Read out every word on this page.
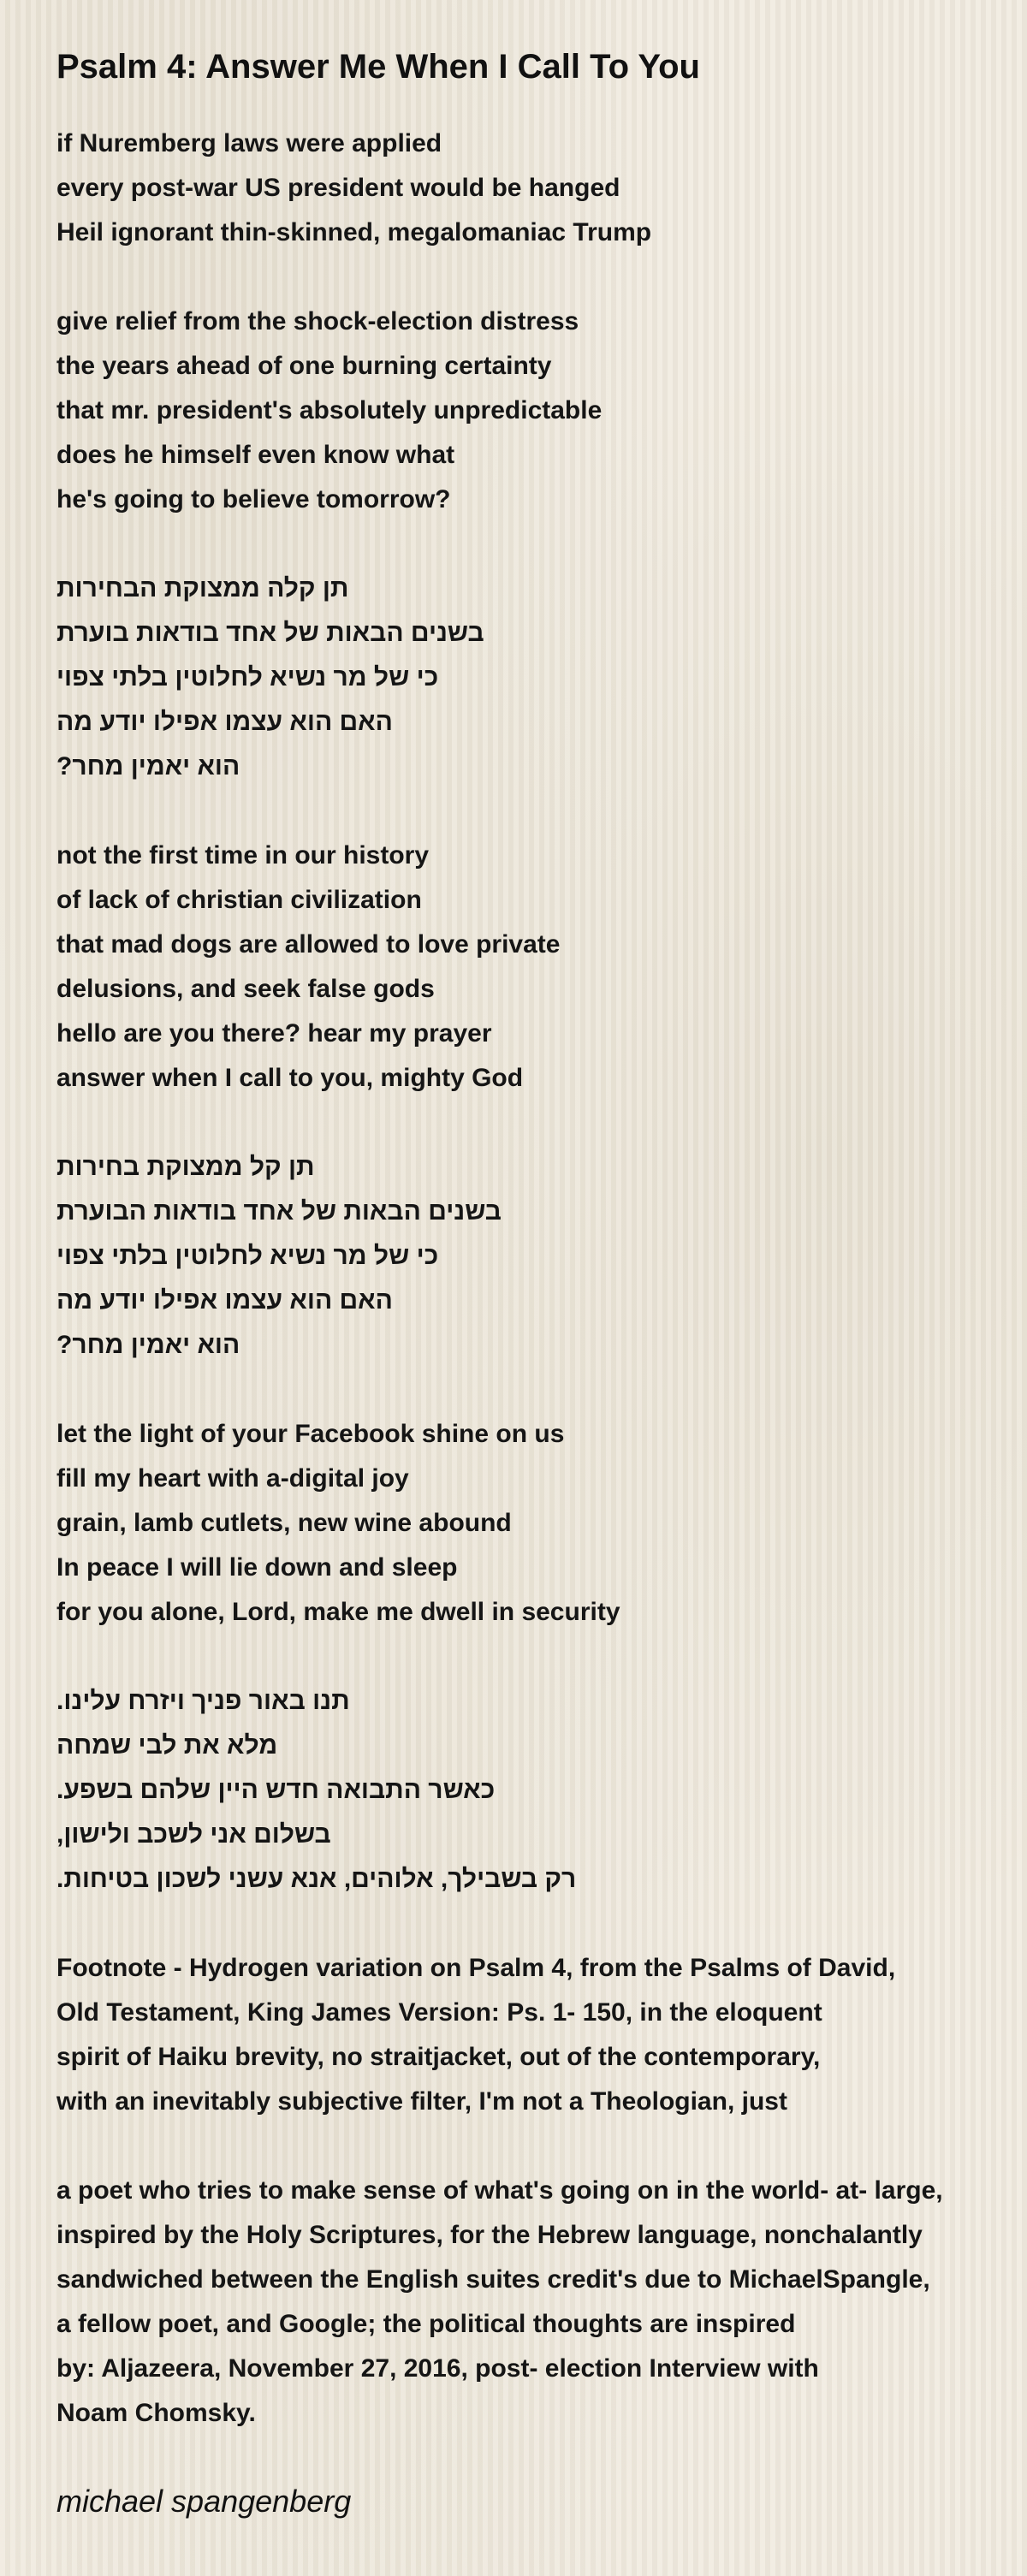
Psalm 4: Answer Me When I Call To You
if Nuremberg laws were applied
every post-war US president would be hanged
Heil ignorant thin-skinned, megalomaniac Trump
give relief from the shock-election distress
the years ahead of one burning certainty
that mr. president's absolutely unpredictable
does he himself even know what
he's going to believe tomorrow?
תן קלה ממצוקת הבחירות
בשנים הבאות של אחד בודאות בוערת
כי של מר נשיא לחלוטין בלתי צפוי
האם הוא עצמו אפילו יודע מה
הוא יאמין מחר?
not the first time in our history
of lack of christian civilization
that mad dogs are allowed to love private
delusions, and seek false gods
hello are you there? hear my prayer
answer when I call to you, mighty God
תן קל ממצוקת בחירות
בשנים הבאות של אחד בודאות הבוערת
כי של מר נשיא לחלוטין בלתי צפוי
האם הוא עצמו אפילו יודע מה
הוא יאמין מחר?
let the light of your Facebook shine on us
fill my heart with a-digital joy
grain, lamb cutlets, new wine abound
In peace I will lie down and sleep
for you alone, Lord, make me dwell in security
תנו באור פניך ויזרח עלינו.
מלא את לבי שמחה
כאשר התבואה חדש היין שלהם בשפע.
בשלום אני לשכב ולישון,
רק בשבילך, אלוהים, אנא עשני לשכון בטיחות.
Footnote - Hydrogen variation on Psalm 4, from the Psalms of David,
Old Testament, King James Version: Ps. 1- 150, in the eloquent
spirit of Haiku brevity, no straitjacket, out of the contemporary,
with an inevitably subjective filter, I'm not a Theologian, just
a poet who tries to make sense of what's going on in the world- at- large,
inspired by the Holy Scriptures, for the Hebrew language, nonchalantly
sandwiched between the English suites credit's due to MichaelSpangle,
a fellow poet, and Google; the political thoughts are inspired
by: Aljazeera, November 27, 2016, post- election Interview with
Noam Chomsky.
michael spangenberg
